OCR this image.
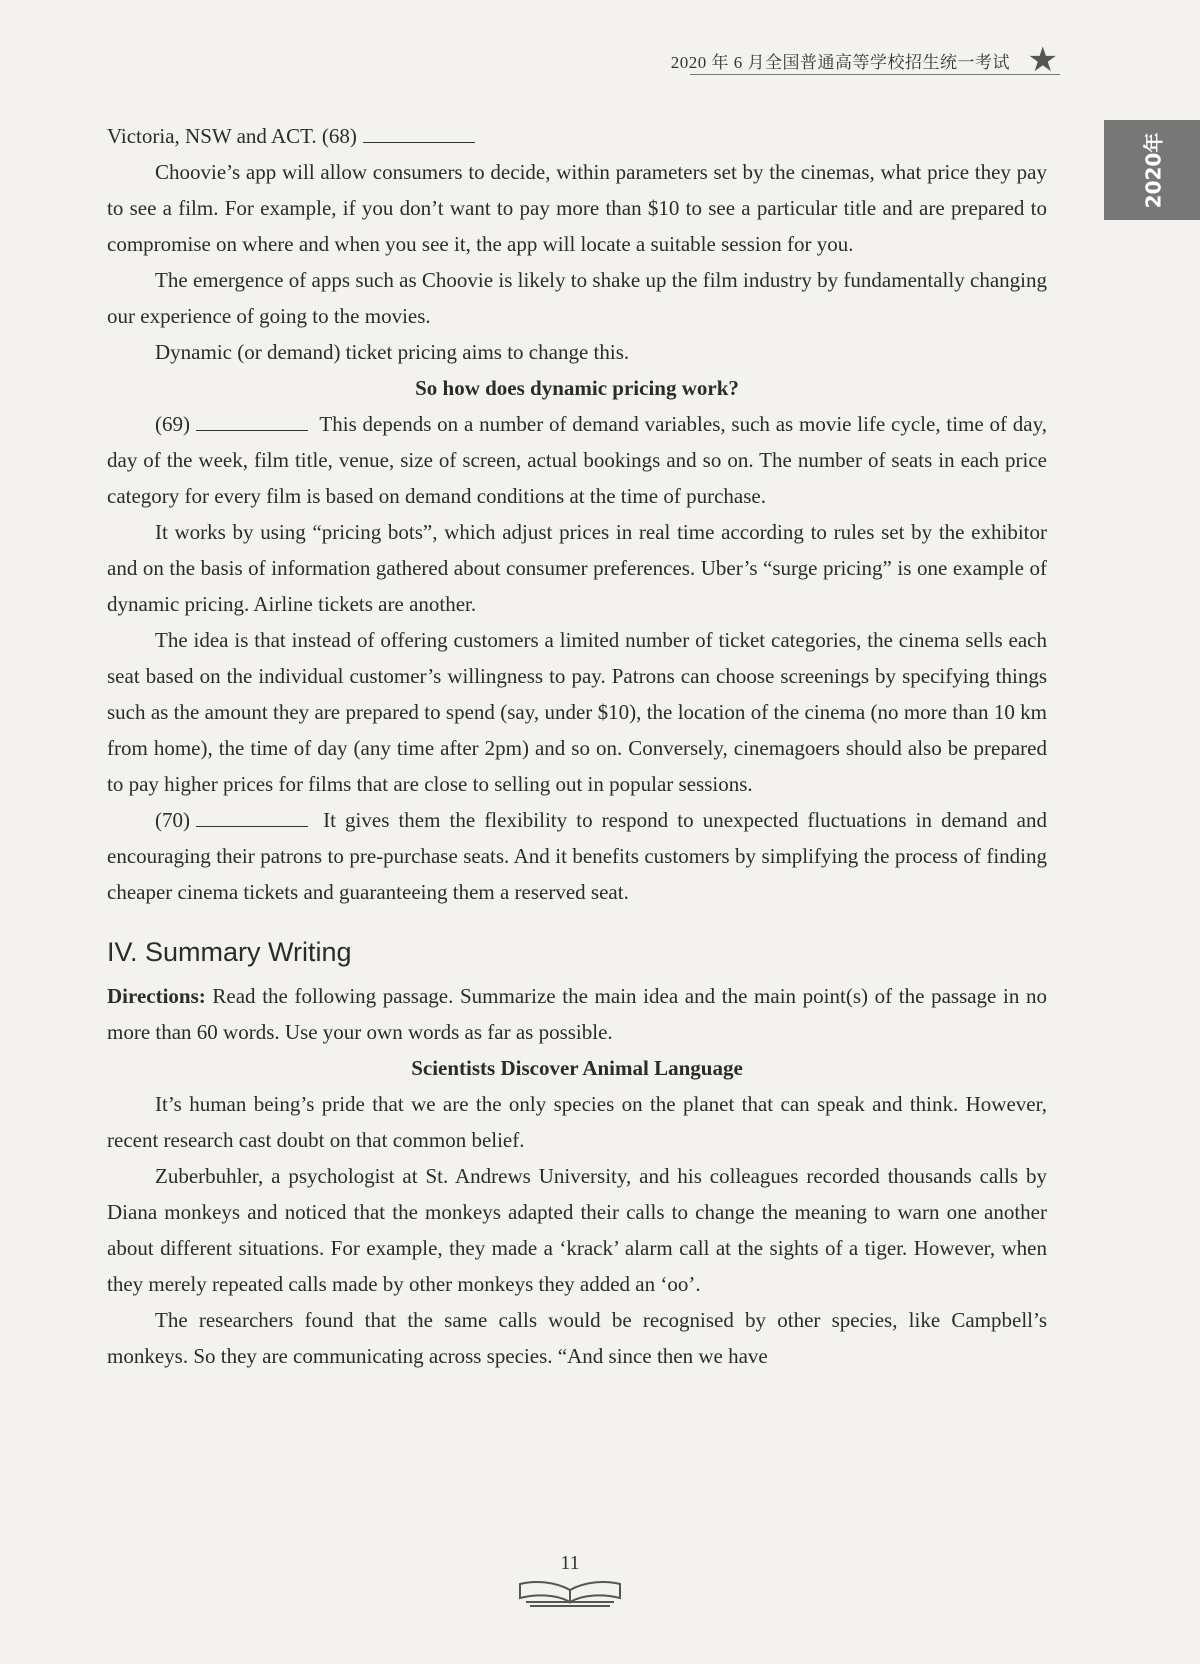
2020 年 6 月全国普通高等学校招生统一考试 ★
2020年

Victoria, NSW and ACT. (68)

Choovie’s app will allow consumers to decide, within parameters set by the cinemas, what price they pay to see a film. For example, if you don’t want to pay more than $10 to see a particular title and are prepared to compromise on where and when you see it, the app will locate a suitable session for you.

The emergence of apps such as Choovie is likely to shake up the film industry by fundamentally changing our experience of going to the movies.

Dynamic (or demand) ticket pricing aims to change this.

So how does dynamic pricing work?

(69)	This depends on a number of demand variables, such as movie life cycle, time of day, day of the week, film title, venue, size of screen, actual bookings and so on. The number of seats in each price category for every film is based on demand conditions at the time of purchase.

It works by using “pricing bots”, which adjust prices in real time according to rules set by the exhibitor and on the basis of information gathered about consumer preferences. Uber’s “surge pricing” is one example of dynamic pricing. Airline tickets are another.

The idea is that instead of offering customers a limited number of ticket categories, the cinema sells each seat based on the individual customer’s willingness to pay. Patrons can choose screenings by specifying things such as the amount they are prepared to spend (say, under $10), the location of the cinema (no more than 10 km from home), the time of day (any time after 2pm) and so on. Conversely, cinemagoers should also be prepared to pay higher prices for films that are close to selling out in popular sessions.

(70)	It gives them the flexibility to respond to unexpected fluctuations in demand and encouraging their patrons to pre-purchase seats. And it benefits customers by simplifying the process of finding cheaper cinema tickets and guaranteeing them a reserved seat.

IV. Summary Writing

Directions: Read the following passage. Summarize the main idea and the main point(s) of the passage in no more than 60 words. Use your own words as far as possible.

Scientists Discover Animal Language

It’s human being’s pride that we are the only species on the planet that can speak and think. However, recent research cast doubt on that common belief.

Zuberbuhler, a psychologist at St. Andrews University, and his colleagues recorded thousands calls by Diana monkeys and noticed that the monkeys adapted their calls to change the meaning to warn one another about different situations. For example, they made a ‘krack’ alarm call at the sights of a tiger. However, when they merely repeated calls made by other monkeys they added an ‘oo’.

The researchers found that the same calls would be recognised by other species, like Campbell’s monkeys. So they are communicating across species. “And since then we have

11
